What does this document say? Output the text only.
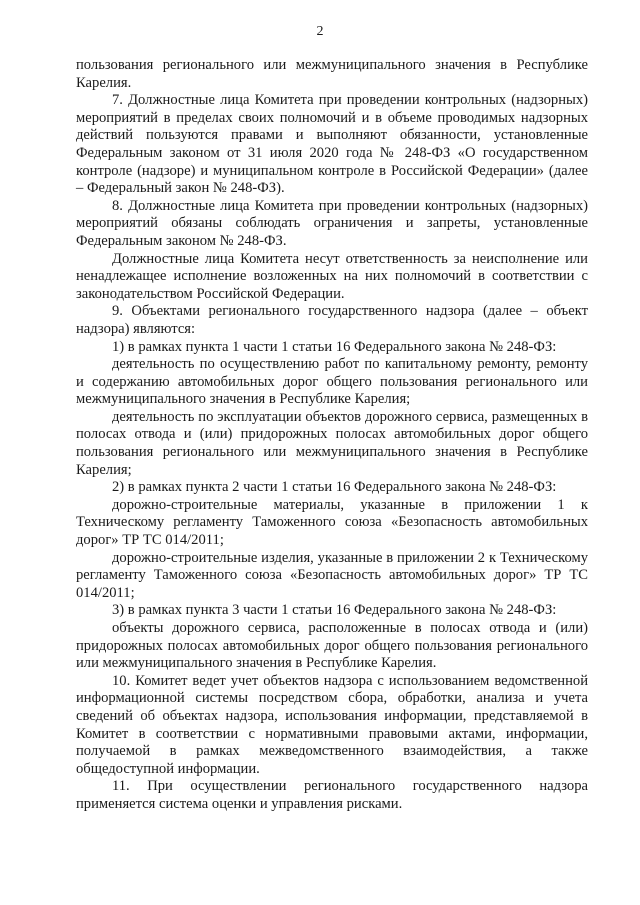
2

пользования регионального или межмуниципального значения в Республике Карелия.

7. Должностные лица Комитета при проведении контрольных (надзорных) мероприятий в пределах своих полномочий и в объеме проводимых надзорных действий пользуются правами и выполняют обязанности, установленные Федеральным законом от 31 июля 2020 года № 248-ФЗ «О государственном контроле (надзоре) и муниципальном контроле в Российской Федерации» (далее – Федеральный закон № 248-ФЗ).

8. Должностные лица Комитета при проведении контрольных (надзорных) мероприятий обязаны соблюдать ограничения и запреты, установленные Федеральным законом № 248-ФЗ.

Должностные лица Комитета несут ответственность за неисполнение или ненадлежащее исполнение возложенных на них полномочий в соответствии с законодательством Российской Федерации.

9. Объектами регионального государственного надзора (далее – объект надзора) являются:

1) в рамках пункта 1 части 1 статьи 16 Федерального закона № 248-ФЗ:

деятельность по осуществлению работ по капитальному ремонту, ремонту и содержанию автомобильных дорог общего пользования регионального или межмуниципального значения в Республике Карелия;

деятельность по эксплуатации объектов дорожного сервиса, размещенных в полосах отвода и (или) придорожных полосах автомобильных дорог общего пользования регионального или межмуниципального значения в Республике Карелия;

2) в рамках пункта 2 части 1 статьи 16 Федерального закона № 248-ФЗ:

дорожно-строительные материалы, указанные в приложении 1 к Техническому регламенту Таможенного союза «Безопасность автомобильных дорог» ТР ТС 014/2011;

дорожно-строительные изделия, указанные в приложении 2 к Техническому регламенту Таможенного союза «Безопасность автомобильных дорог» ТР ТС 014/2011;

3) в рамках пункта 3 части 1 статьи 16 Федерального закона № 248-ФЗ:

объекты дорожного сервиса, расположенные в полосах отвода и (или) придорожных полосах автомобильных дорог общего пользования регионального или межмуниципального значения в Республике Карелия.

10. Комитет ведет учет объектов надзора с использованием ведомственной информационной системы посредством сбора, обработки, анализа и учета сведений об объектах надзора, использования информации, представляемой в Комитет в соответствии с нормативными правовыми актами, информации, получаемой в рамках межведомственного взаимодействия, а также общедоступной информации.

11. При осуществлении регионального государственного надзора применяется система оценки и управления рисками.
